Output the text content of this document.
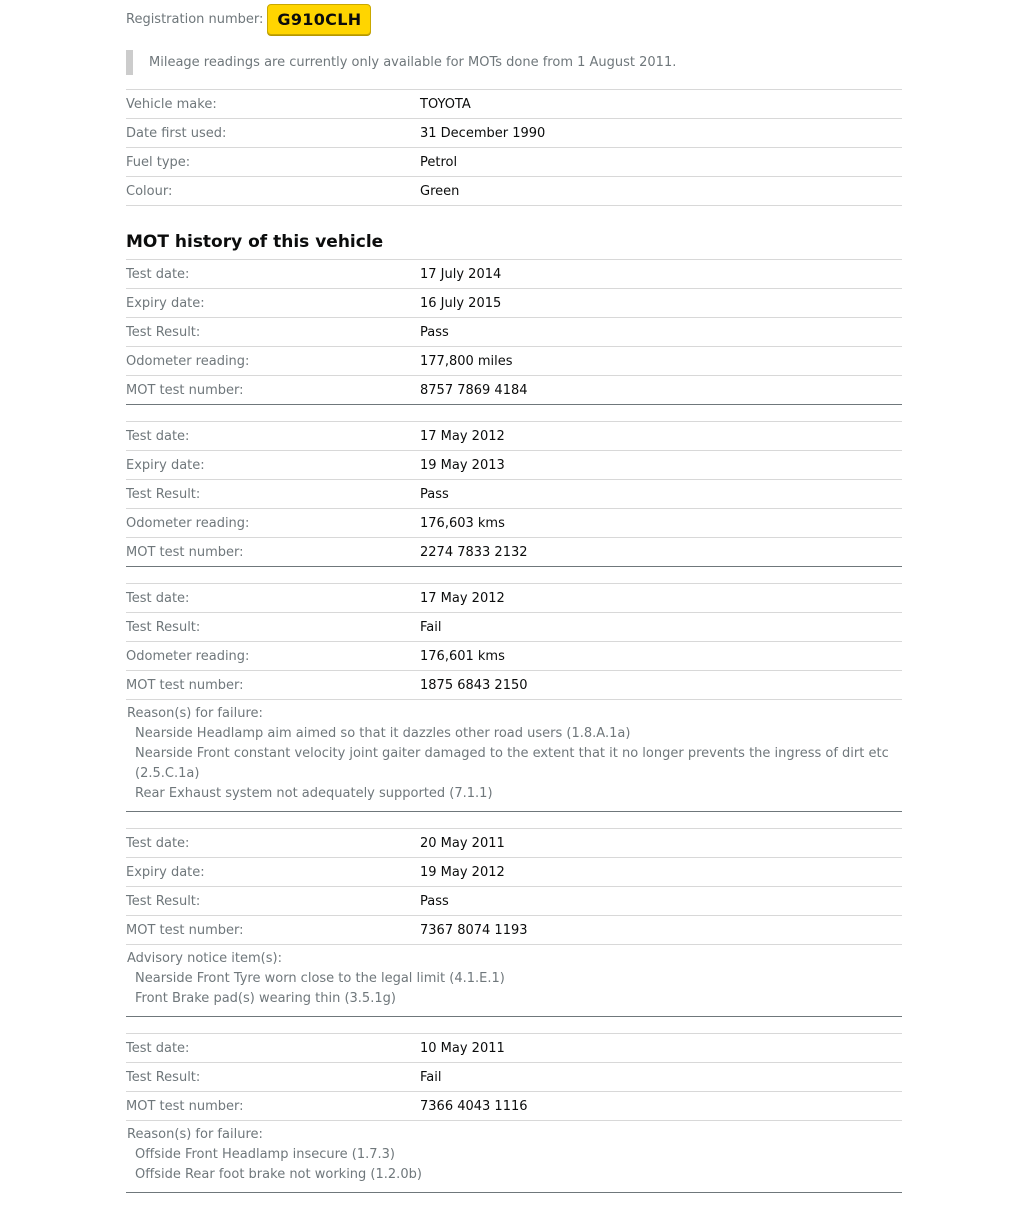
Registration number: G910CLH
Mileage readings are currently only available for MOTs done from 1 August 2011.
Vehicle make:	TOYOTA
Date first used:	31 December 1990
Fuel type:	Petrol
Colour:	Green
MOT history of this vehicle
Test date:	17 July 2014
Expiry date:	16 July 2015
Test Result:	Pass
Odometer reading:	177,800 miles
MOT test number:	8757 7869 4184
Test date:	17 May 2012
Expiry date:	19 May 2013
Test Result:	Pass
Odometer reading:	176,603 kms
MOT test number:	2274 7833 2132
Test date:	17 May 2012
Test Result:	Fail
Odometer reading:	176,601 kms
MOT test number:	1875 6843 2150
Reason(s) for failure:
Nearside Headlamp aim aimed so that it dazzles other road users (1.8.A.1a)
Nearside Front constant velocity joint gaiter damaged to the extent that it no longer prevents the ingress of dirt etc (2.5.C.1a)
Rear Exhaust system not adequately supported (7.1.1)
Test date:	20 May 2011
Expiry date:	19 May 2012
Test Result:	Pass
MOT test number:	7367 8074 1193
Advisory notice item(s):
Nearside Front Tyre worn close to the legal limit (4.1.E.1)
Front Brake pad(s) wearing thin (3.5.1g)
Test date:	10 May 2011
Test Result:	Fail
MOT test number:	7366 4043 1116
Reason(s) for failure:
Offside Front Headlamp insecure (1.7.3)
Offside Rear foot brake not working (1.2.0b)
